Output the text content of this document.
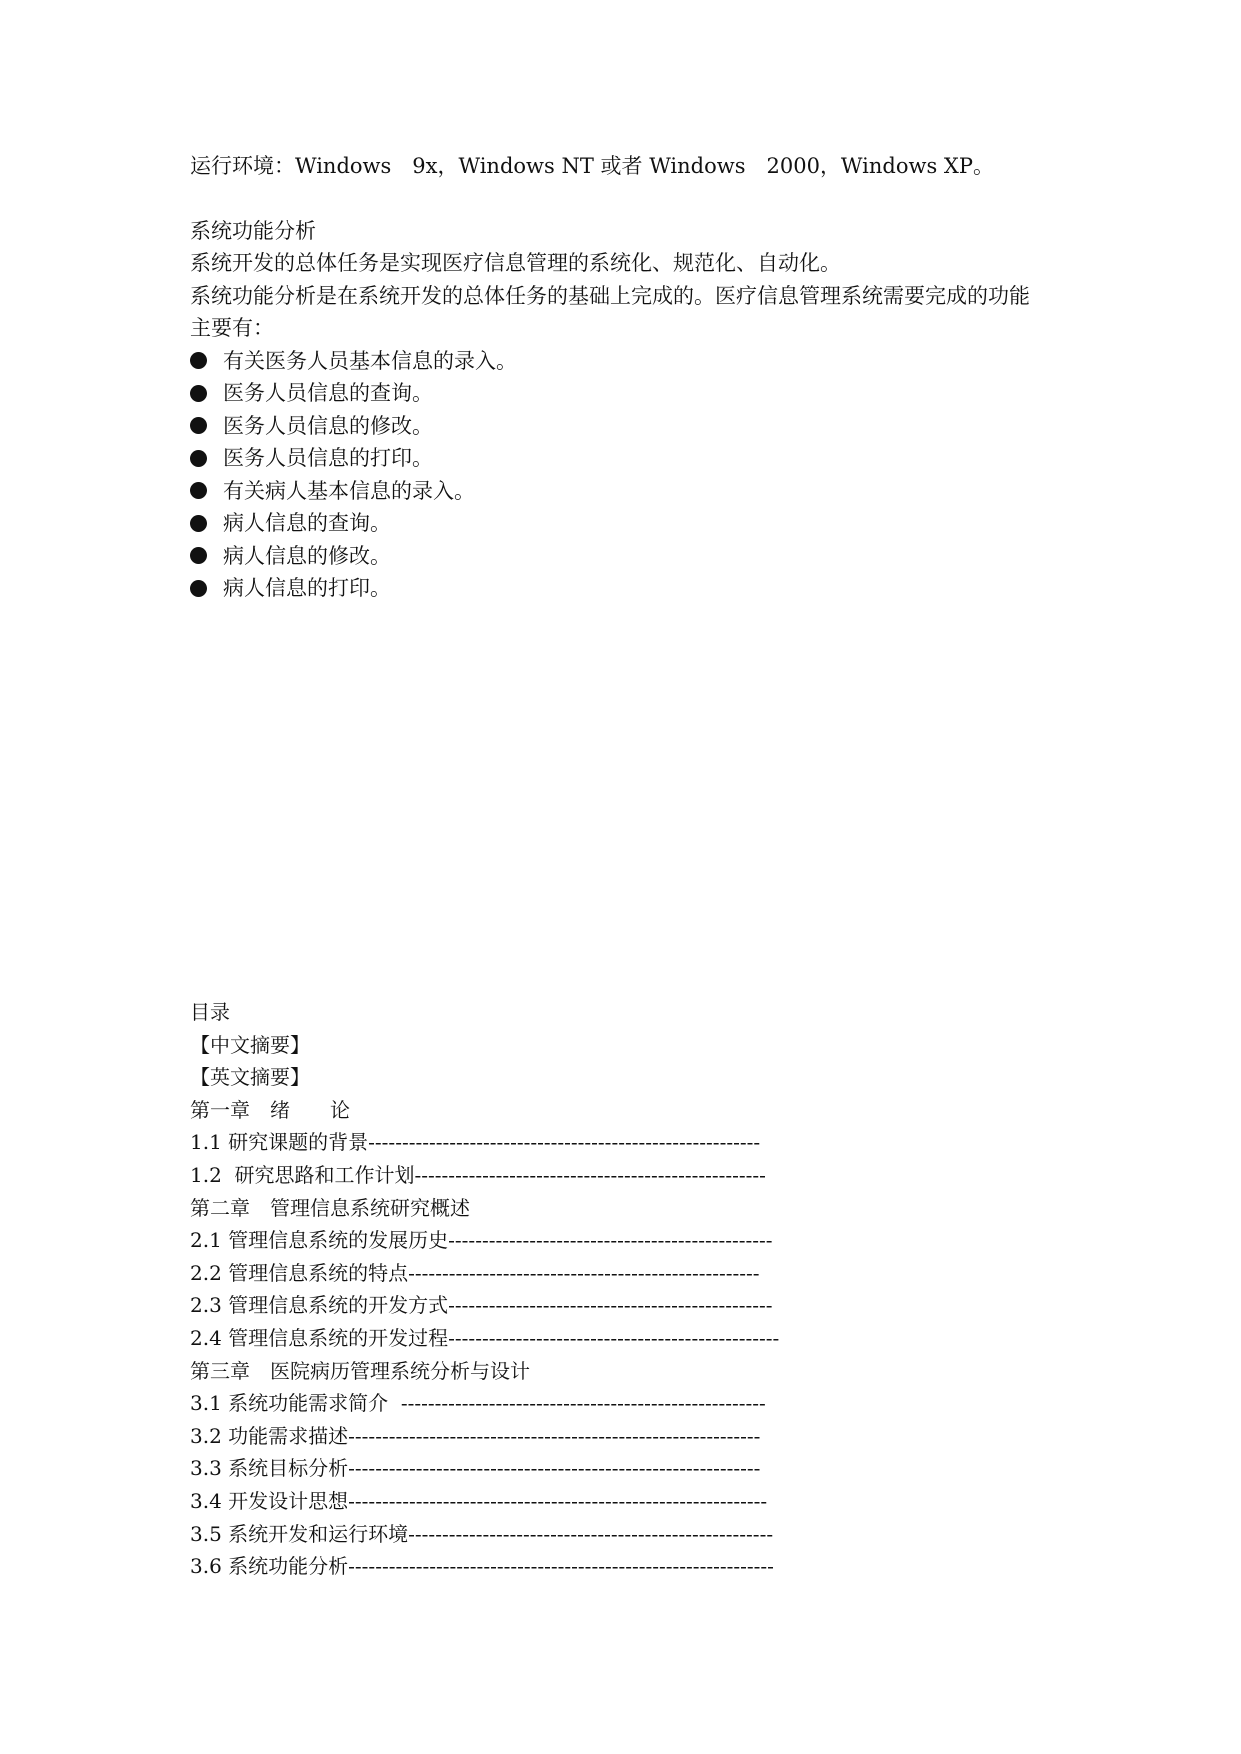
运行环境：Windows　9x，Windows NT 或者 Windows　2000，Windows XP。

系统功能分析

系统开发的总体任务是实现医疗信息管理的系统化、规范化、自动化。

系统功能分析是在系统开发的总体任务的基础上完成的。医疗信息管理系统需要完成的功能

主要有：

有关医务人员基本信息的录入。
医务人员信息的查询。
医务人员信息的修改。
医务人员信息的打印。
有关病人基本信息的录入。
病人信息的查询。
病人信息的修改。
病人信息的打印。

目录

【中文摘要】

【英文摘要】

第一章　绪　　论

1.1 研究课题的背景----------------------------------------------------------

1.2  研究思路和工作计划----------------------------------------------------

第二章　管理信息系统研究概述

2.1 管理信息系统的发展历史------------------------------------------------

2.2 管理信息系统的特点----------------------------------------------------

2.3 管理信息系统的开发方式------------------------------------------------

2.4 管理信息系统的开发过程-------------------------------------------------

第三章　医院病历管理系统分析与设计

3.1 系统功能需求简介  ------------------------------------------------------

3.2 功能需求描述-------------------------------------------------------------

3.3 系统目标分析-------------------------------------------------------------

3.4 开发设计思想--------------------------------------------------------------

3.5 系统开发和运行环境------------------------------------------------------

3.6 系统功能分析---------------------------------------------------------------
